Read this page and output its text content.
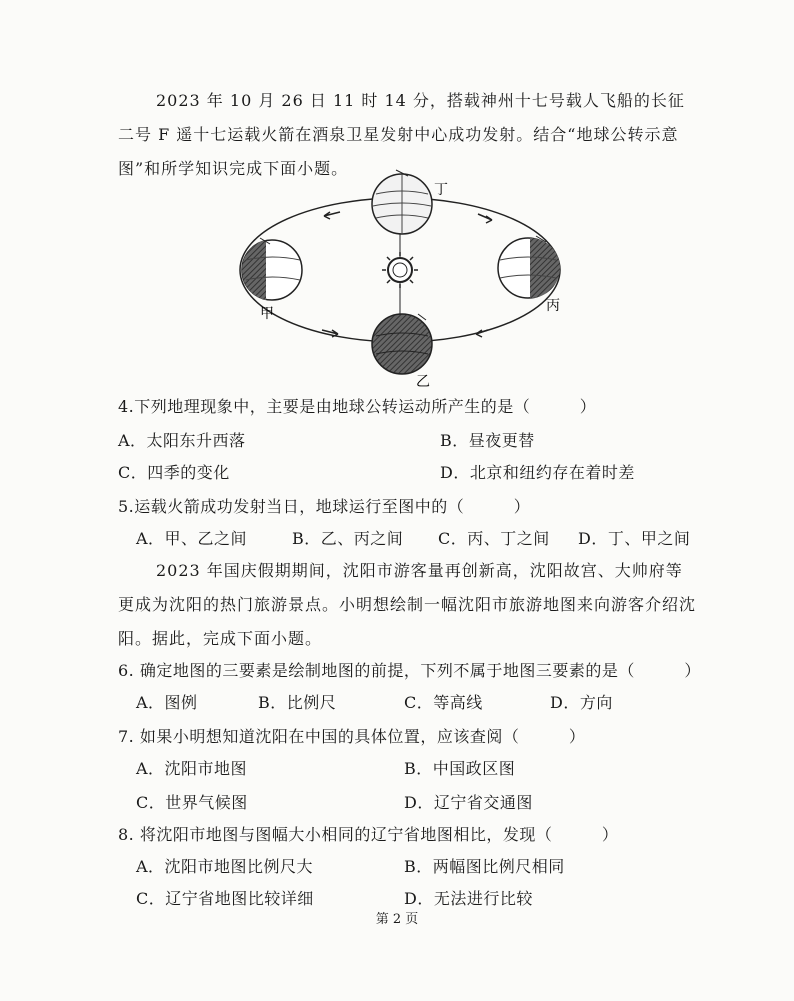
2023 年 10 月 26 日 11 时 14 分，搭载神州十七号载人飞船的长征二号 F 遥十七运载火箭在酒泉卫星发射中心成功发射。结合“地球公转示意图”和所学知识完成下面小题。
丁
甲	丙
乙
4.下列地理现象中，主要是由地球公转运动所产生的是（　　　）
A．太阳东升西落	B．昼夜更替
C．四季的变化	D．北京和纽约存在着时差
5.运载火箭成功发射当日，地球运行至图中的（　　　）
A．甲、乙之间	B．乙、丙之间 C．丙、丁之间 D．丁、甲之间
2023 年国庆假期期间，沈阳市游客量再创新高，沈阳故宫、大帅府等更成为沈阳的热门旅游景点。小明想绘制一幅沈阳市旅游地图来向游客介绍沈阳。据此，完成下面小题。
6. 确定地图的三要素是绘制地图的前提，下列不属于地图三要素的是（　　　）
A．图例	B．比例尺	C．等高线	D．方向
7. 如果小明想知道沈阳在中国的具体位置，应该查阅（　　　）
A．沈阳市地图	B．中国政区图
C．世界气候图	D．辽宁省交通图
8. 将沈阳市地图与图幅大小相同的辽宁省地图相比，发现（　　　）
A．沈阳市地图比例尺大	B．两幅图比例尺相同
C．辽宁省地图比较详细	D．无法进行比较
第 2 页
